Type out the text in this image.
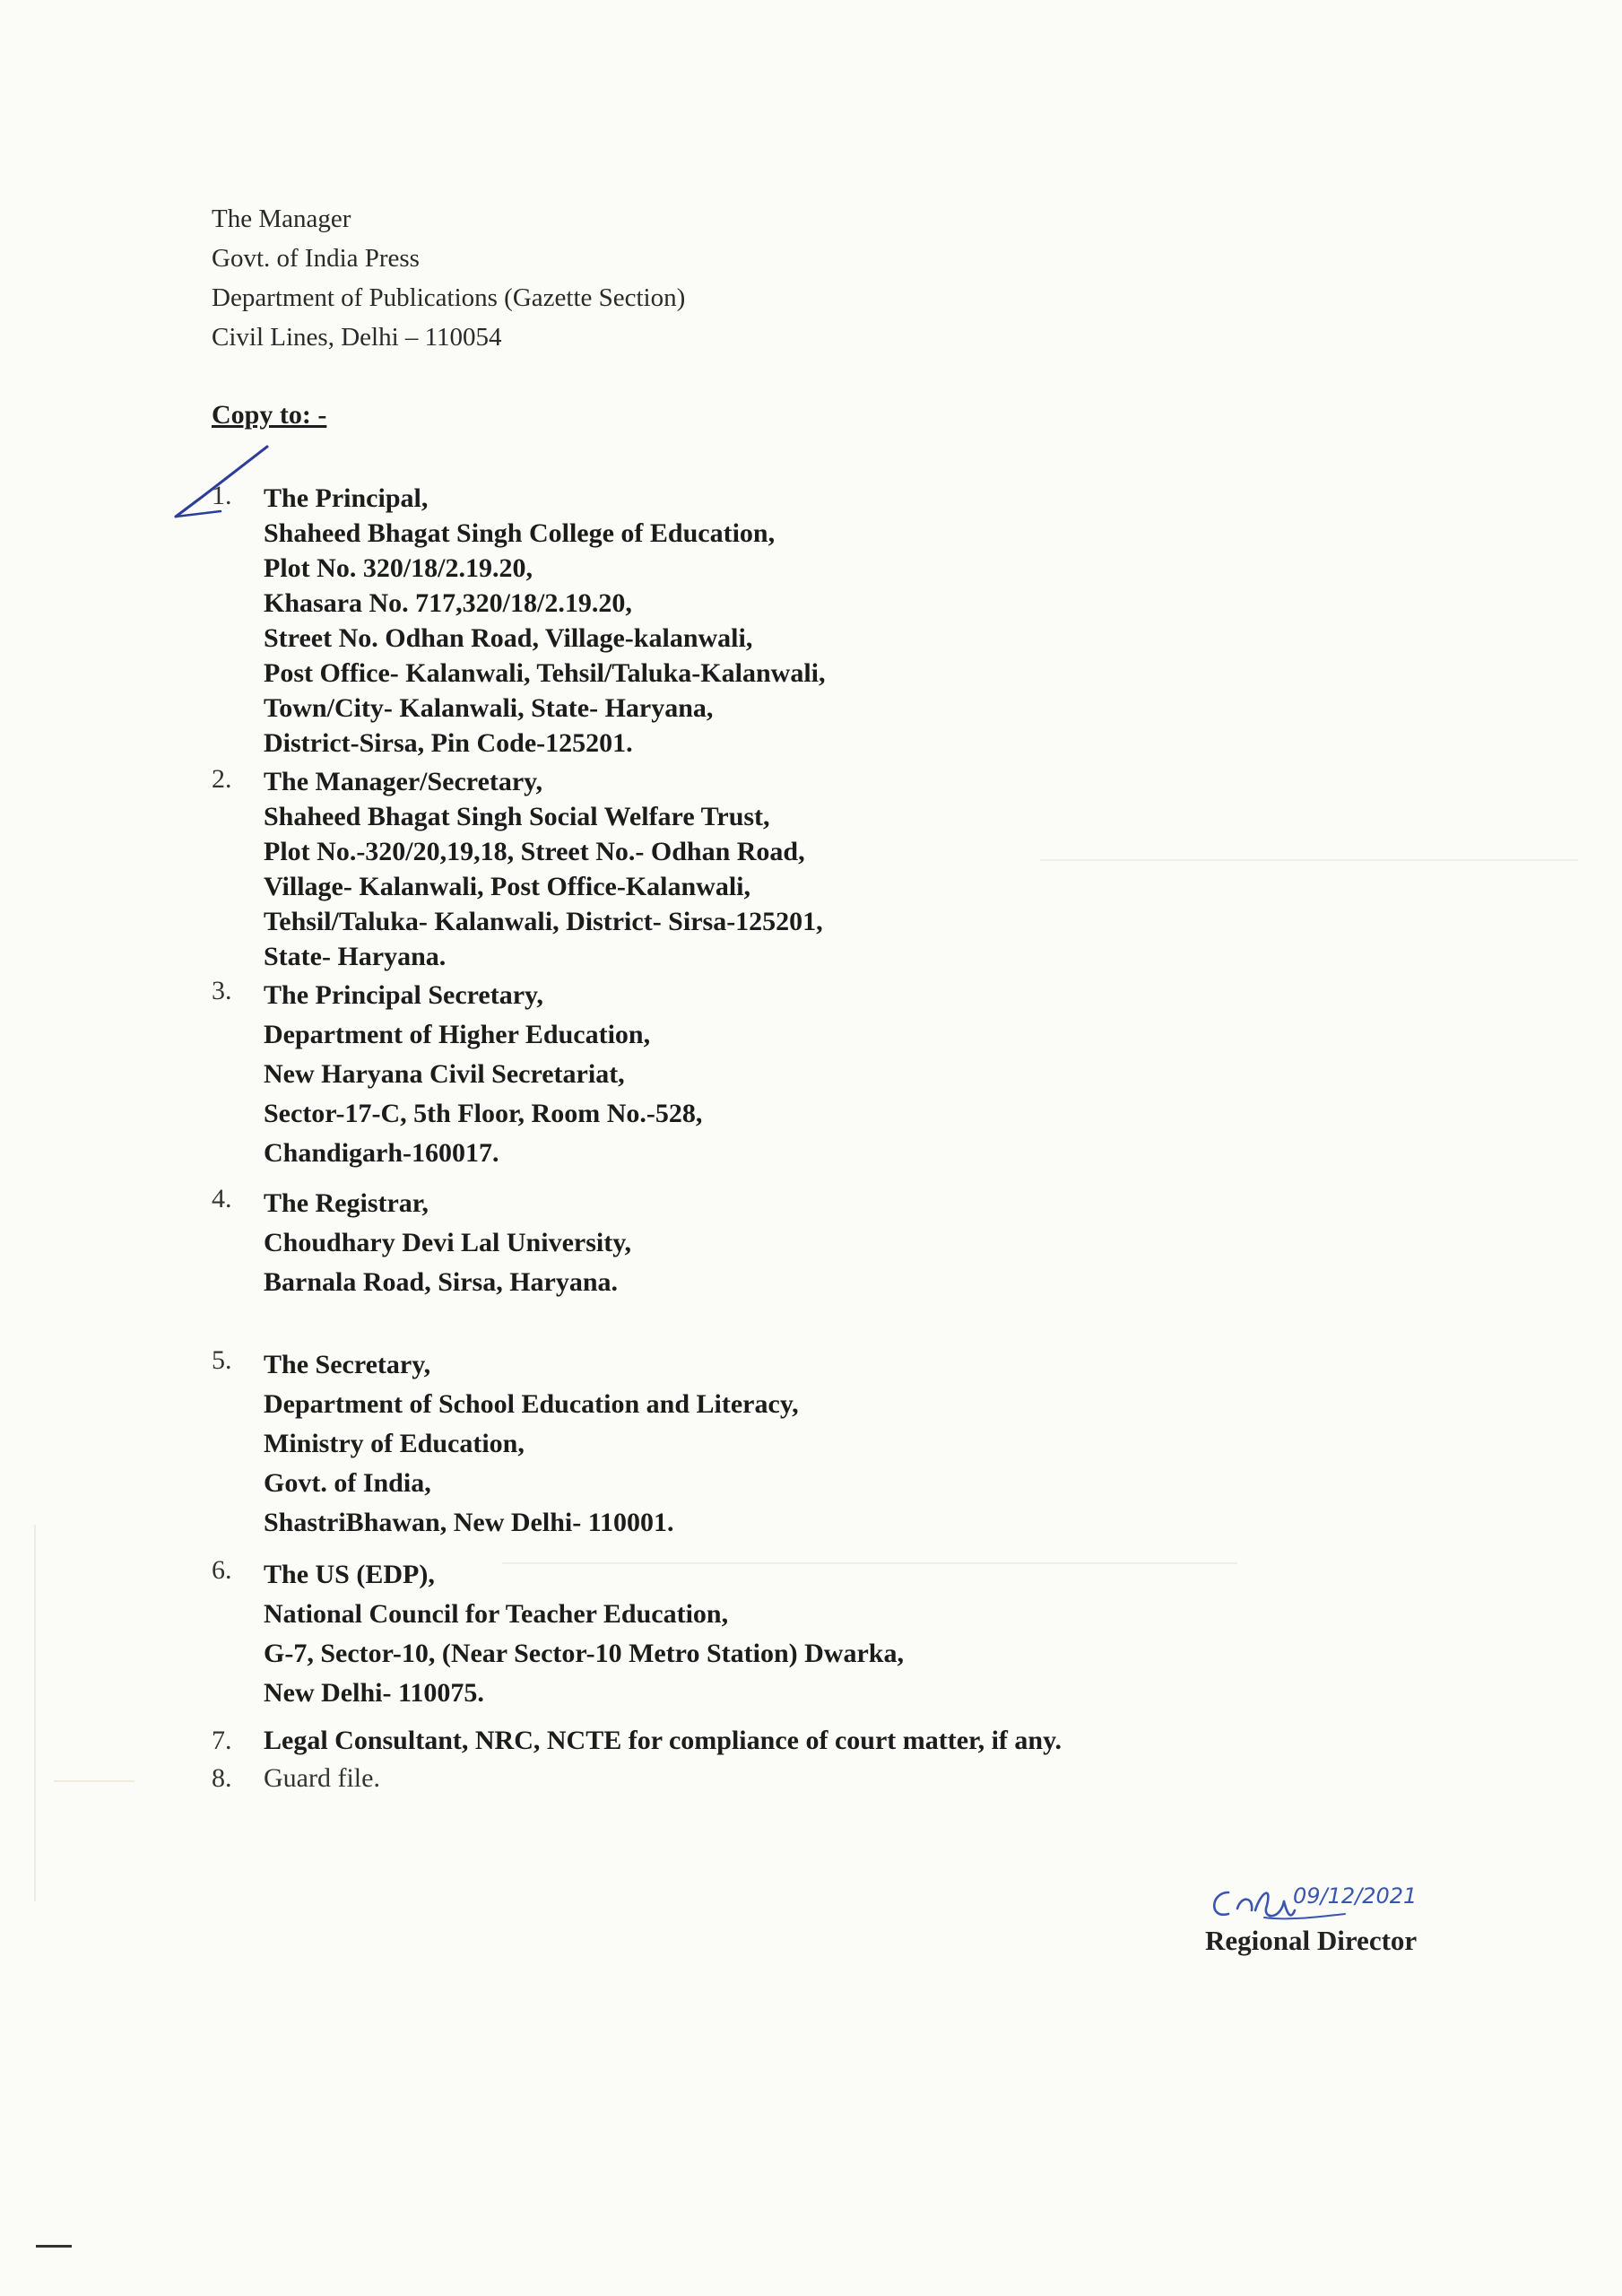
The Manager
Govt. of India Press
Department of Publications (Gazette Section)
Civil Lines, Delhi – 110054
Copy to: -
1.	The Principal,
Shaheed Bhagat Singh College of Education,
Plot No. 320/18/2.19.20,
Khasara No. 717,320/18/2.19.20,
Street No. Odhan Road, Village-kalanwali,
Post Office- Kalanwali, Tehsil/Taluka-Kalanwali,
Town/City- Kalanwali, State- Haryana,
District-Sirsa, Pin Code-125201.
2.	The Manager/Secretary,
Shaheed Bhagat Singh Social Welfare Trust,
Plot No.-320/20,19,18, Street No.- Odhan Road,
Village- Kalanwali, Post Office-Kalanwali,
Tehsil/Taluka- Kalanwali, District- Sirsa-125201,
State- Haryana.
3.	The Principal Secretary,
Department of Higher Education,
New Haryana Civil Secretariat,
Sector-17-C, 5th Floor, Room No.-528,
Chandigarh-160017.
4.	The Registrar,
Choudhary Devi Lal University,
Barnala Road, Sirsa, Haryana.
5.	The Secretary,
Department of School Education and Literacy,
Ministry of Education,
Govt. of India,
ShastriBhawan, New Delhi- 110001.
6.	The US (EDP),
National Council for Teacher Education,
G-7, Sector-10, (Near Sector-10 Metro Station) Dwarka,
New Delhi- 110075.
7.	Legal Consultant, NRC, NCTE for compliance of court matter, if any.
8.	Guard file.
09/12/2021
Regional Director
